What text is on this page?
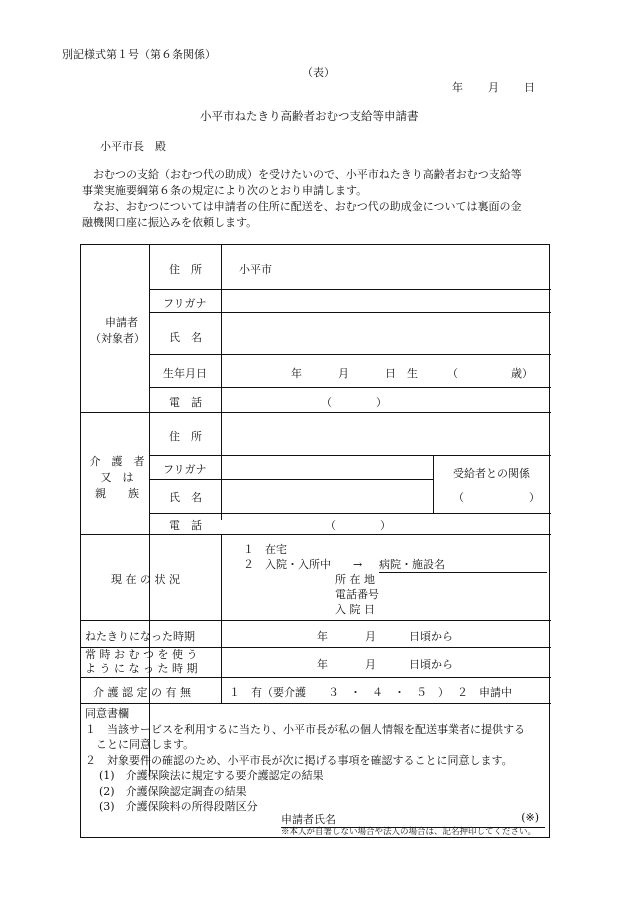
別記様式第１号（第６条関係）
（表）
年 月 日
小平市ねたきり高齢者おむつ支給等申請書
小平市長　殿
おむつの支給（おむつ代の助成）を受けたいので、小平市ねたきり高齢者おむつ支給等
事業実施要綱第６条の規定により次のとおり申請します。
なお、おむつについては申請者の住所に配送を、おむつ代の助成金については裏面の金
融機関口座に振込みを依頼します。
申請者
（対象者）
住　所	小平市
フリガナ
氏　名
生年月日	年	月	日　生	（	歳）
電　話	（　　　　）
介　護　者
又　は
親　　族
住　所
フリガナ
氏　名
電　話	（　　　　）
受給者との関係
（	）
現 在 の 状 況
１　在宅
２　入院・入所中　　→ 病院・施設名
所 在 地
電話番号
入 院 日
ねたきりになった時期	年	月	日頃から
常 時 お む つ を 使 う
よ う に な っ た 時 期	年	月	日頃から
介 護 認 定 の 有 無	１　有（要介護　　３　・　４　・　５　） ２　申請中
同意書欄
１　当該サービスを利用するに当たり、小平市長が私の個人情報を配送事業者に提供する
ことに同意します。
２　対象要件の確認のため、小平市長が次に掲げる事項を確認することに同意します。
(1)　介護保険法に規定する要介護認定の結果
(2)　介護保険認定調査の結果
(3)　介護保険料の所得段階区分
申請者氏名	(※)
※本人が自署しない場合や法人の場合は、記名押印してください。
